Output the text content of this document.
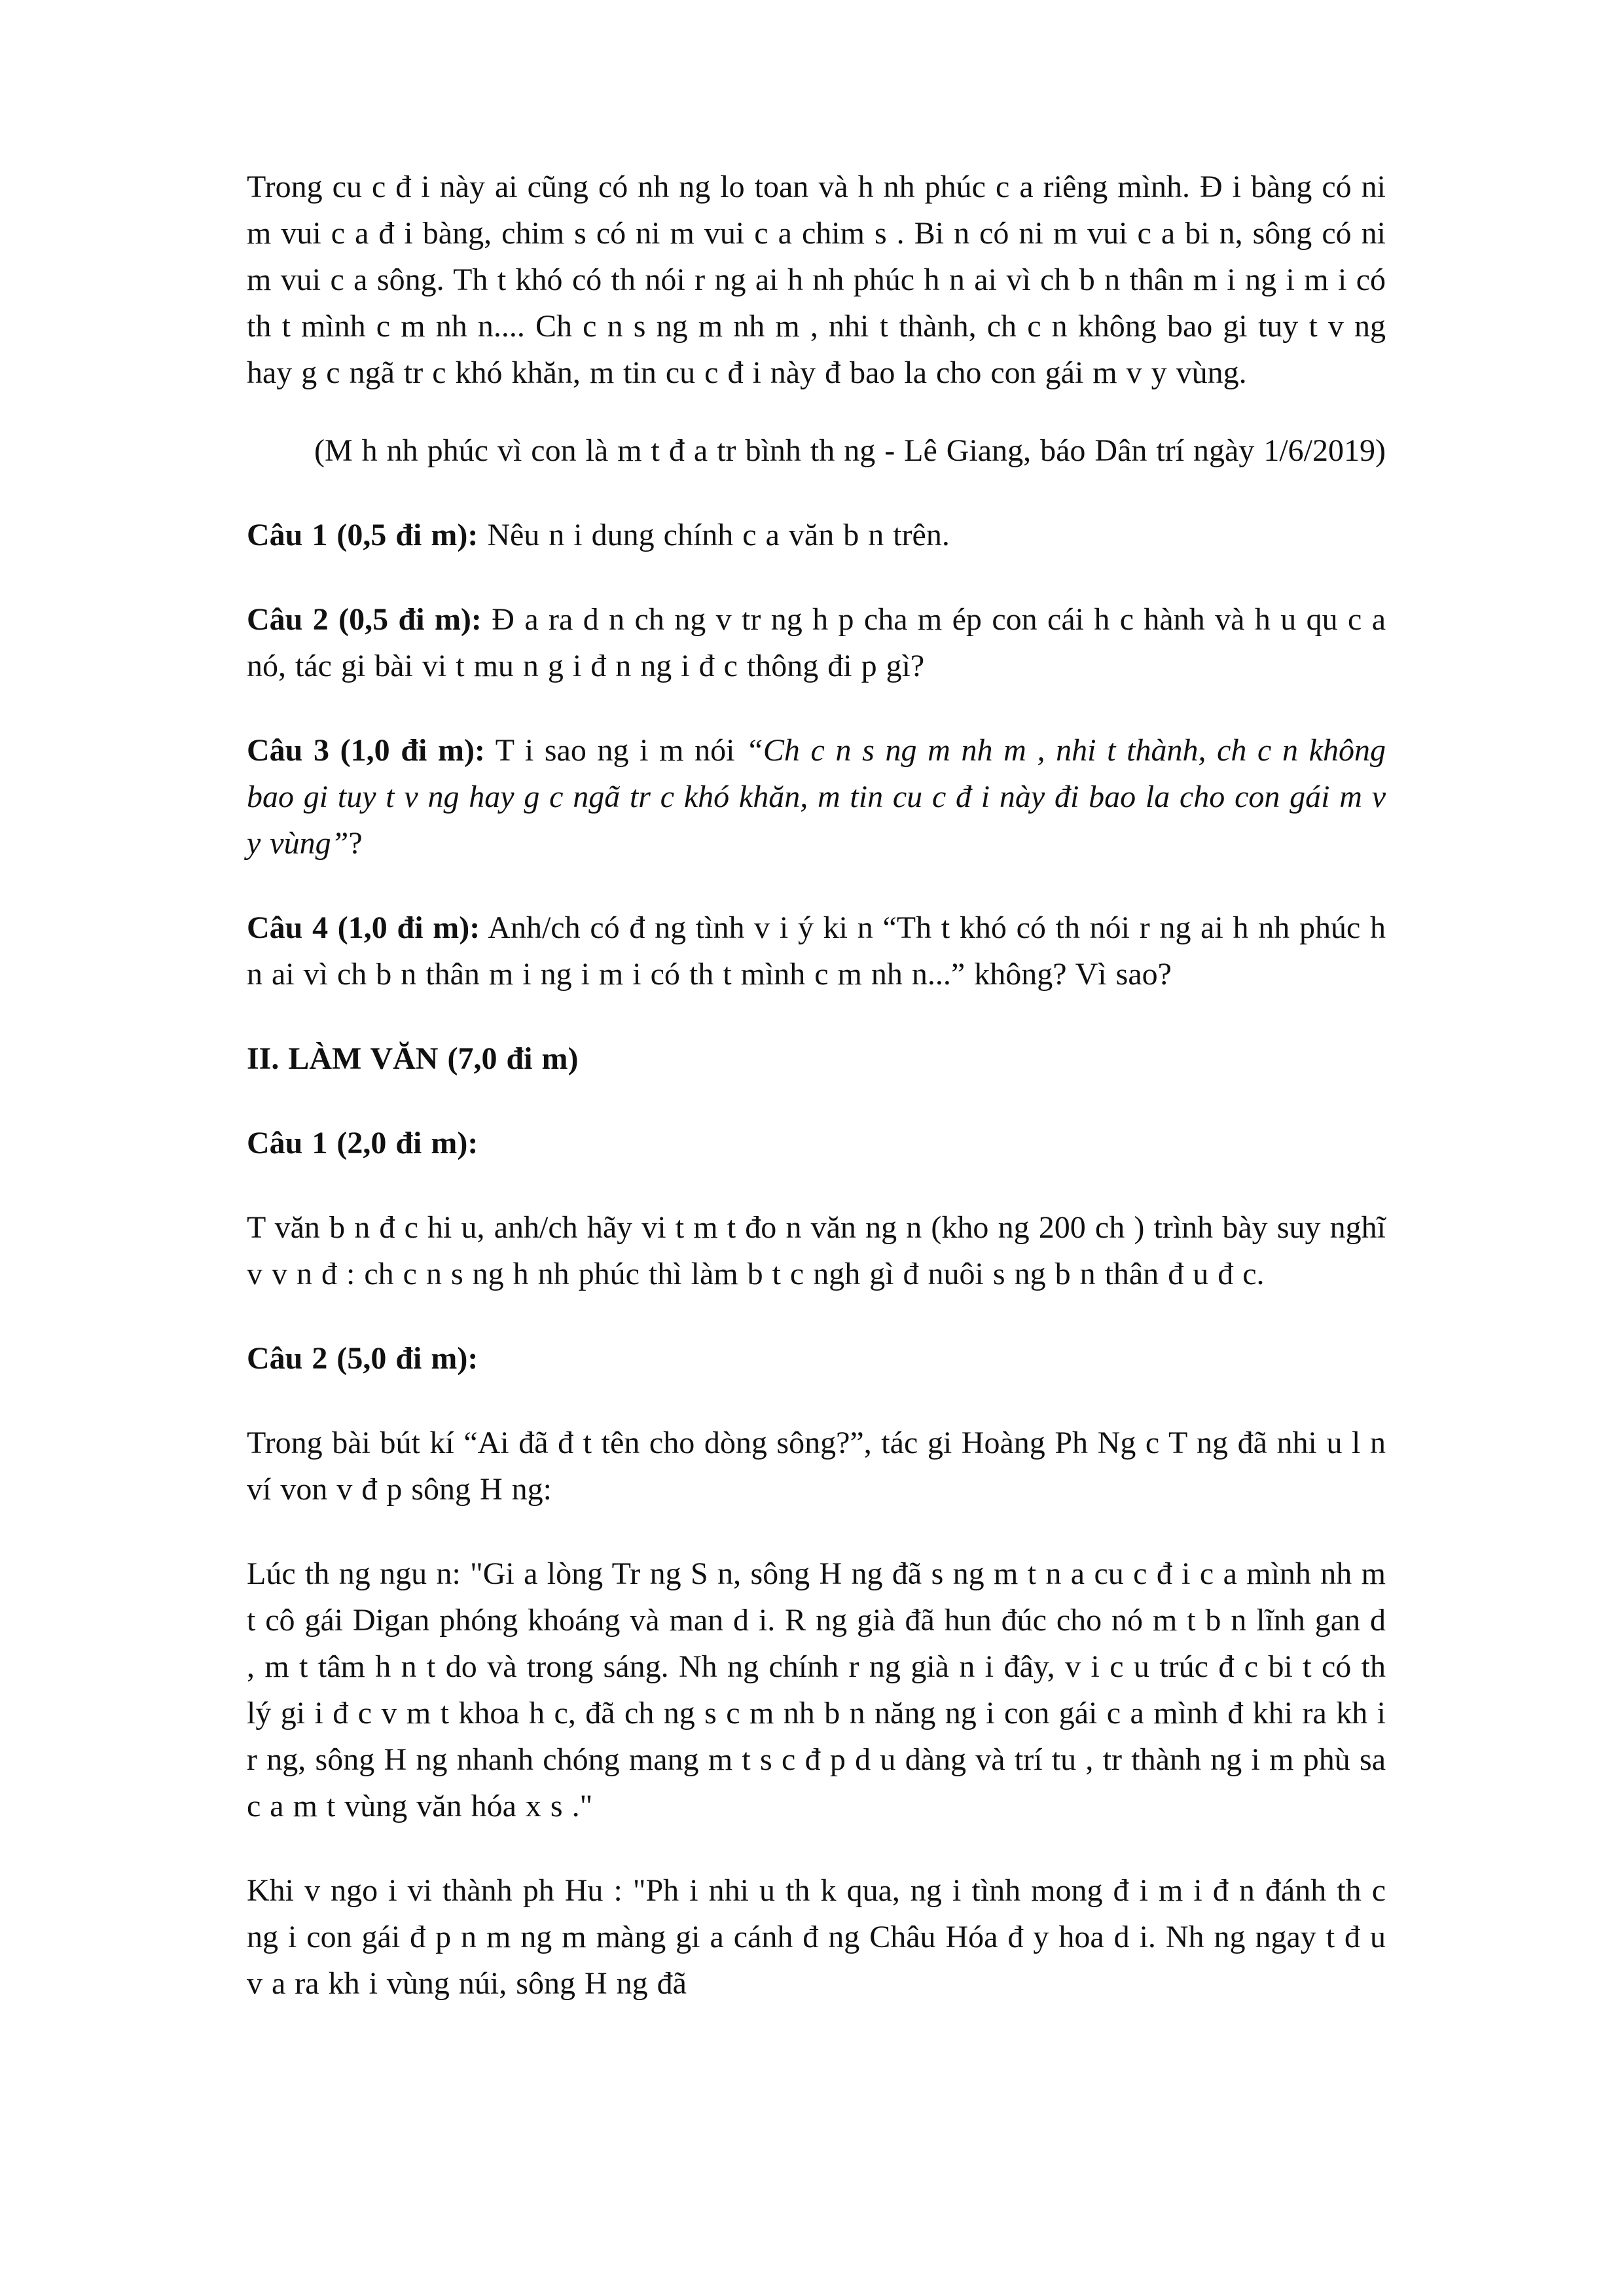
Trong cu c đ i này ai cũng có nh ng lo toan và h nh phúc c a riêng mình. Đ i bàng có ni m vui c a đ i bàng, chim s có ni m vui c a chim s . Bi n có ni m vui c a bi n, sông có ni m vui c a sông. Th t khó có th nói r ng ai h nh phúc h n ai vì ch b n thân m i ng i m i có th t mình c m nh n.... Ch c n s ng m nh m , nhi t thành, ch c n không bao gi tuy t v ng hay g c ngã tr c khó khăn, m tin cu c đ i này đ bao la cho con gái m v y vùng.

(M h nh phúc vì con là m t đ a tr bình th ng - Lê Giang, báo Dân trí ngày 1/6/2019)

Câu 1 (0,5 đi m): Nêu n i dung chính c a văn b n trên.

Câu 2 (0,5 đi m): Đ a ra d n ch ng v tr ng h p cha m ép con cái h c hành và h u qu c a nó, tác gi bài vi t mu n g i đ n ng i đ c thông đi p gì?

Câu 3 (1,0 đi m): T i sao ng i m nói “Ch c n s ng m nh m , nhi t thành, ch c n không bao gi tuy t v ng hay g c ngã tr c khó khăn, m tin cu c đ i này đi bao la cho con gái m v y vùng”?

Câu 4 (1,0 đi m): Anh/ch có đ ng tình v i ý ki n “Th t khó có th nói r ng ai h nh phúc h n ai vì ch b n thân m i ng i m i có th t mình c m nh n...” không? Vì sao?

II. LÀM VĂN (7,0 đi m)

Câu 1 (2,0 đi m):

T văn b n đ c hi u, anh/ch hãy vi t m t đo n văn ng n (kho ng 200 ch ) trình bày suy nghĩ v v n đ : ch c n s ng h nh phúc thì làm b t c ngh gì đ nuôi s ng b n thân đ u đ c.

Câu 2 (5,0 đi m):

Trong bài bút kí “Ai đã đ t tên cho dòng sông?”, tác gi Hoàng Ph Ng c T ng đã nhi u l n ví von v đ p sông H ng:

Lúc th ng ngu n: "Gi a lòng Tr ng S n, sông H ng đã s ng m t n a cu c đ i c a mình nh m t cô gái Digan phóng khoáng và man d i. R ng già đã hun đúc cho nó m t b n lĩnh gan d , m t tâm h n t do và trong sáng. Nh ng chính r ng già n i đây, v i c u trúc đ c bi t có th lý gi i đ c v m t khoa h c, đã ch ng s c m nh b n năng ng i con gái c a mình đ khi ra kh i r ng, sông H ng nhanh chóng mang m t s c đ p d u dàng và trí tu , tr thành ng i m phù sa c a m t vùng văn hóa x s ."

Khi v ngo i vi thành ph Hu : "Ph i nhi u th k qua, ng i tình mong đ i m i đ n đánh th c ng i con gái đ p n m ng m màng gi a cánh đ ng Châu Hóa đ y hoa d i. Nh ng ngay t đ u v a ra kh i vùng núi, sông H ng đã
